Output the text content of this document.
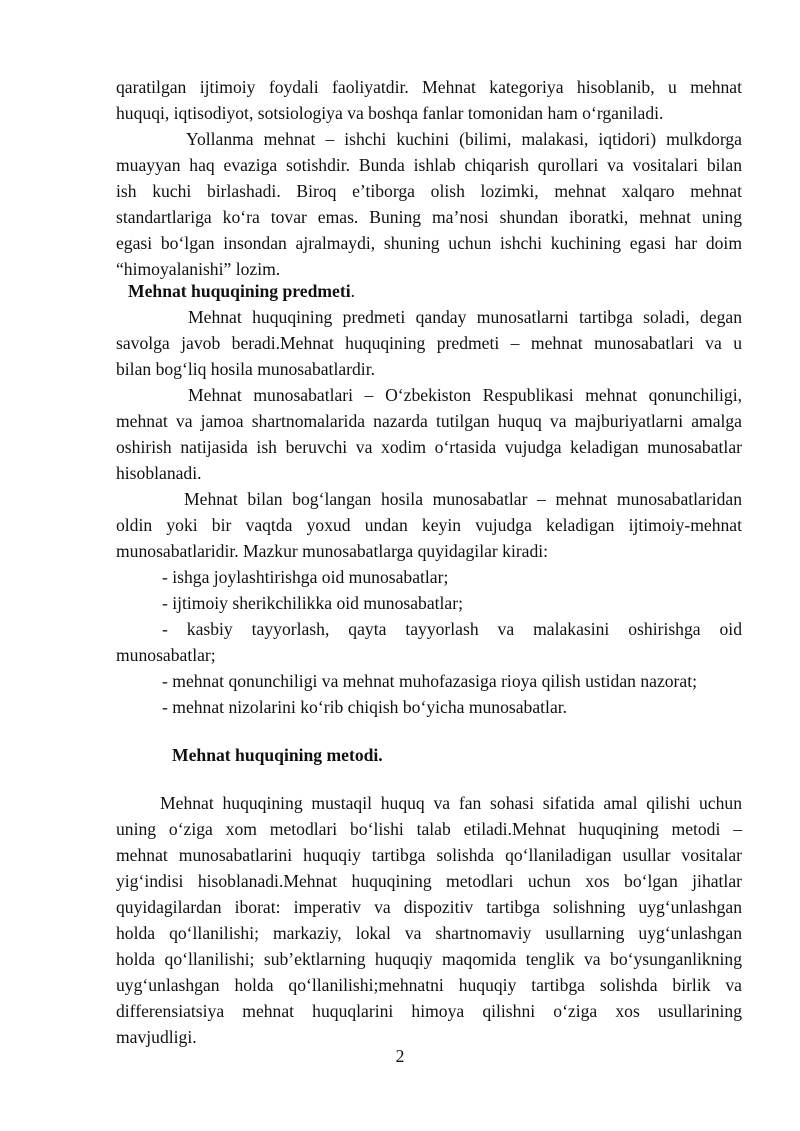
qaratilgan ijtimoiy foydali faoliyatdir. Mehnat kategoriya hisoblanib, u mehnat
huquqi, iqtisodiyot, sotsiologiya va boshqa fanlar tomonidan ham o‘rganiladi.
Yollanma mehnat – ishchi kuchini (bilimi, malakasi, iqtidori) mulkdorga
muayyan haq evaziga sotishdir. Bunda ishlab chiqarish qurollari va vositalari bilan
ish kuchi birlashadi. Biroq e’tiborga olish lozimki, mehnat xalqaro mehnat
standartlariga ko‘ra tovar emas. Buning ma’nosi shundan iboratki, mehnat uning
egasi bo‘lgan insondan ajralmaydi, shuning uchun ishchi kuchining egasi har doim
“himoyalanishi” lozim.
Mehnat huquqining predmeti.
Mehnat huquqining predmeti qanday munosatlarni tartibga soladi, degan
savolga javob beradi.Mehnat huquqining predmeti – mehnat munosabatlari va u
bilan bog‘liq hosila munosabatlardir.
Mehnat munosabatlari – O‘zbekiston Respublikasi mehnat qonunchiligi,
mehnat va jamoa shartnomalarida nazarda tutilgan huquq va majburiyatlarni amalga
oshirish natijasida ish beruvchi va xodim o‘rtasida vujudga keladigan munosabatlar
hisoblanadi.
Mehnat bilan bog‘langan hosila munosabatlar – mehnat munosabatlaridan
oldin yoki bir vaqtda yoxud undan keyin vujudga keladigan ijtimoiy-mehnat
munosabatlaridir. Mazkur munosabatlarga quyidagilar kiradi:
- ishga joylashtirishga oid munosabatlar;
- ijtimoiy sherikchilikka oid munosabatlar;
- kasbiy tayyorlash, qayta tayyorlash va malakasini oshirishga oid
munosabatlar;
- mehnat qonunchiligi va mehnat muhofazasiga rioya qilish ustidan nazorat;
- mehnat nizolarini ko‘rib chiqish bo‘yicha munosabatlar.
Mehnat huquqining metodi.
Mehnat huquqining mustaqil huquq va fan sohasi sifatida amal qilishi uchun
uning o‘ziga xom metodlari bo‘lishi talab etiladi.Mehnat huquqining metodi –
mehnat munosabatlarini huquqiy tartibga solishda qo‘llaniladigan usullar vositalar
yig‘indisi hisoblanadi.Mehnat huquqining metodlari uchun xos bo‘lgan jihatlar
quyidagilardan iborat: imperativ va dispozitiv tartibga solishning uyg‘unlashgan
holda qo‘llanilishi; markaziy, lokal va shartnomaviy usullarning uyg‘unlashgan
holda qo‘llanilishi; sub’ektlarning huquqiy maqomida tenglik va bo‘ysunganlikning
uyg‘unlashgan holda qo‘llanilishi;mehnatni huquqiy tartibga solishda birlik va
differensiatsiya mehnat huquqlarini himoya qilishni o‘ziga xos usullarining
mavjudligi.
2
